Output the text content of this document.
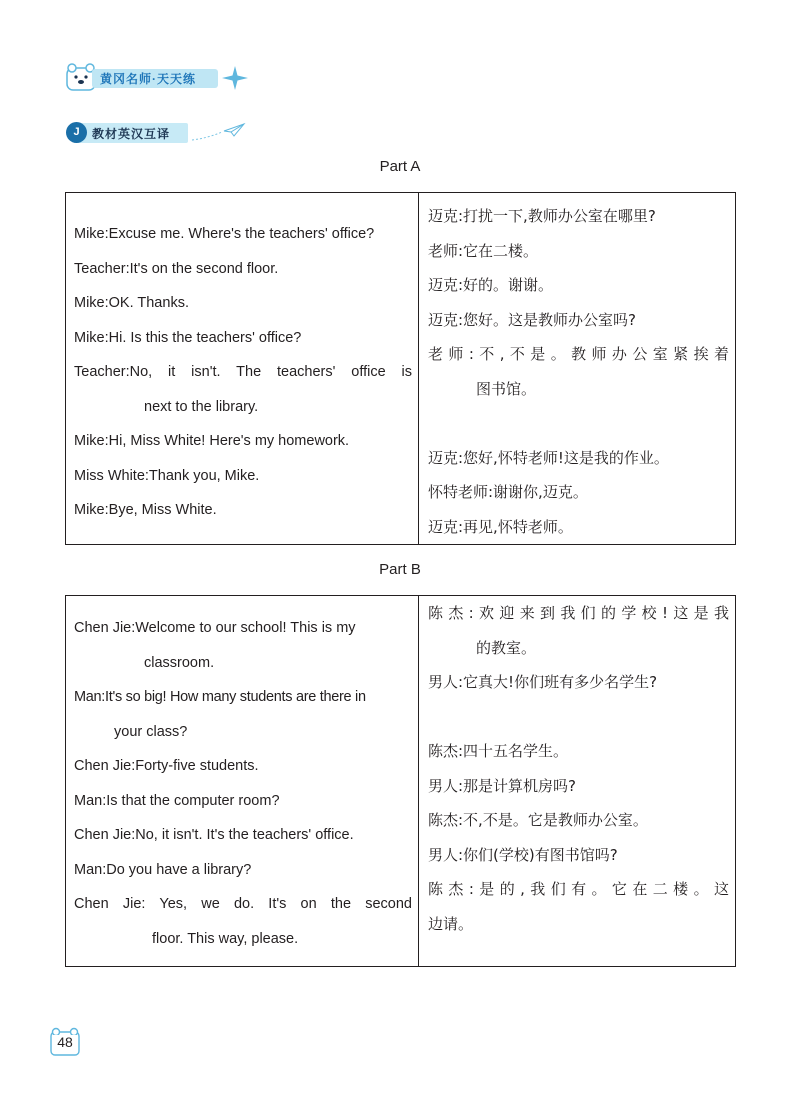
黄冈名师·天天练
J	教材英汉互译
Part A
Mike:Excuse me. Where's the teachers' office?
Teacher:It's on the second floor.
Mike:OK. Thanks.
Mike:Hi. Is this the teachers' office?
Teacher:No, it isn't. The teachers' office is
next to the library.
Mike:Hi, Miss White! Here's my homework.
Miss White:Thank you, Mike.
Mike:Bye, Miss White.

迈克:打扰一下,教师办公室在哪里?
老师:它在二楼。
迈克:好的。谢谢。
迈克:您好。这是教师办公室吗?
老师:不,不是。教师办公室紧挨着
图书馆。
迈克:您好,怀特老师!这是我的作业。
怀特老师:谢谢你,迈克。
迈克:再见,怀特老师。
Part B
Chen Jie:Welcome to our school! This is my
classroom.
Man:It's so big! How many students are there in
your class?
Chen Jie:Forty-five students.
Man:Is that the computer room?
Chen Jie:No, it isn't. It's the teachers' office.
Man:Do you have a library?
Chen Jie: Yes, we do. It's on the second
floor. This way, please.

陈杰:欢迎来到我们的学校!这是我
的教室。
男人:它真大!你们班有多少名学生?
陈杰:四十五名学生。
男人:那是计算机房吗?
陈杰:不,不是。它是教师办公室。
男人:你们(学校)有图书馆吗?
陈杰:是的,我们有。它在二楼。这
边请。
48
